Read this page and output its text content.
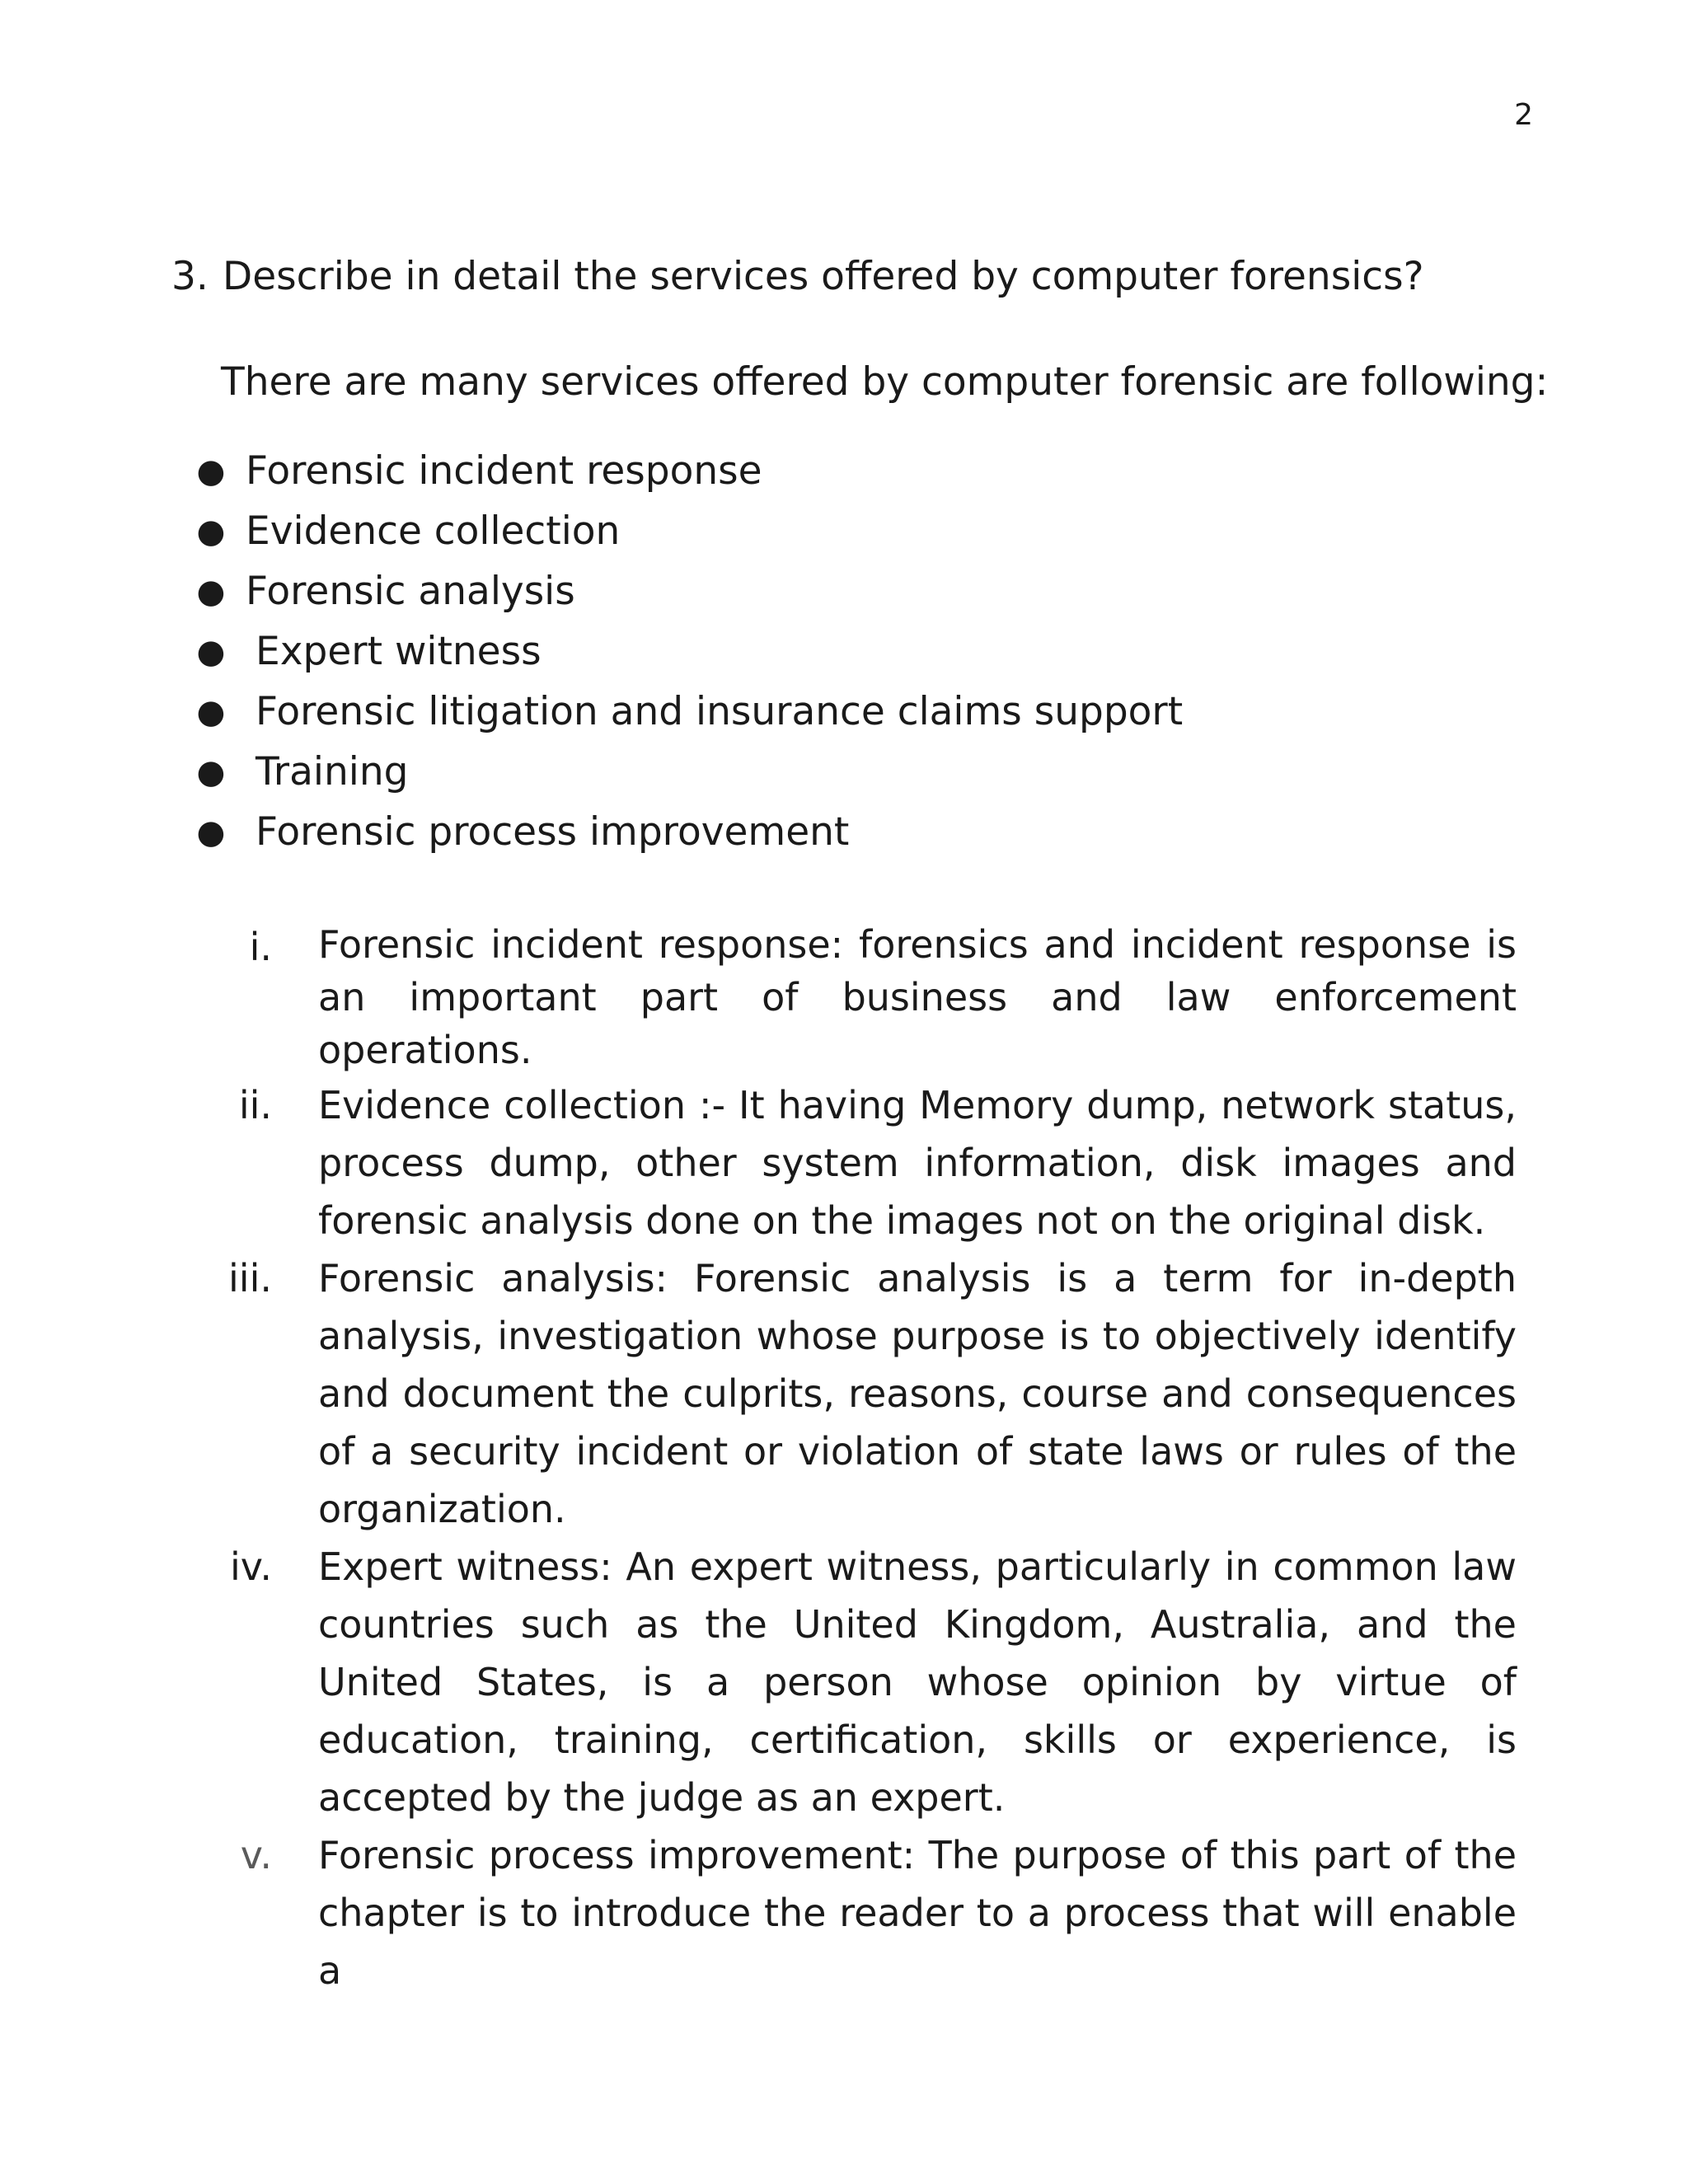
2
3. Describe in detail the services offered by computer forensics?
There are many services offered by computer forensic are following:
● Forensic incident response
● Evidence collection
● Forensic analysis
● Expert witness
● Forensic litigation and insurance claims support
● Training
● Forensic process improvement
i. Forensic incident response: forensics and incident response is an important part of business and law enforcement operations.
ii. Evidence collection :- It having Memory dump, network status, process dump, other system information, disk images and forensic analysis done on the images not on the original disk.
iii. Forensic analysis: Forensic analysis is a term for in-depth analysis, investigation whose purpose is to objectively identify and document the culprits, reasons, course and consequences of a security incident or violation of state laws or rules of the organization.
iv. Expert witness: An expert witness, particularly in common law countries such as the United Kingdom, Australia, and the United States, is a person whose opinion by virtue of education, training, certification, skills or experience, is accepted by the judge as an expert.
v. Forensic process improvement: The purpose of this part of the chapter is to introduce the reader to a process that will enable a
